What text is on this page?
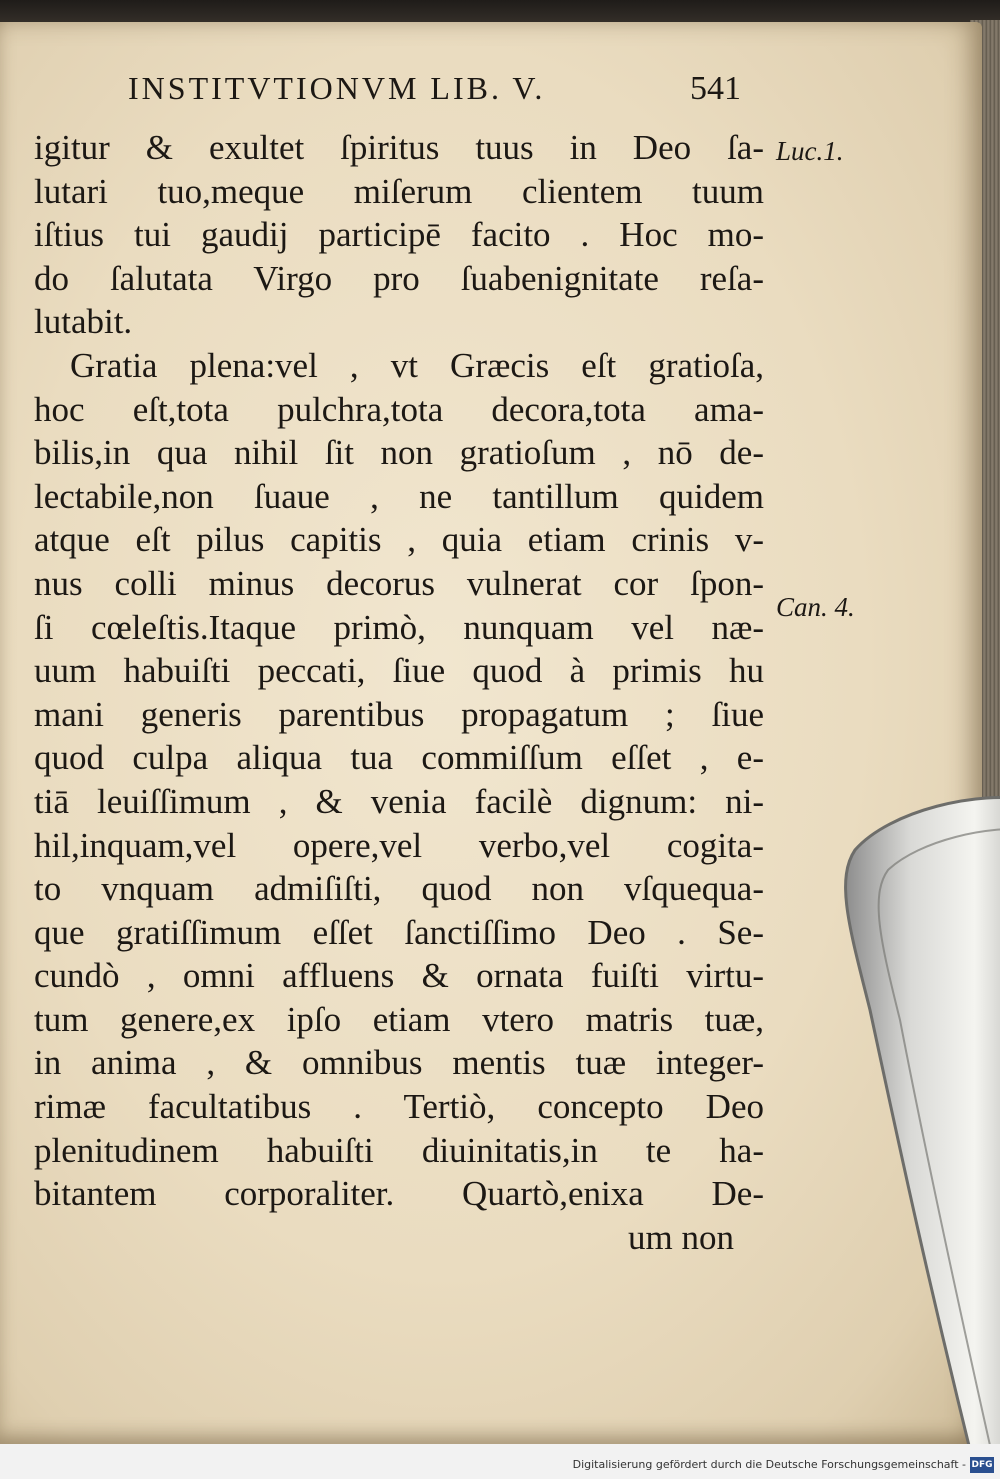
INSTITVTIONVM LIB. V.	541
igitur & exultet ſpiritus tuus in Deo ſa-
lutari tuo,meque miſerum clientem tuum
iſtius tui gaudij participē facito . Hoc mo-
do ſalutata Virgo pro ſuabenignitate reſa-
lutabit.
Gratia plena:vel , vt Græcis eſt gratioſa,
hoc eſt,tota pulchra,tota decora,tota ama-
bilis,in qua nihil ſit non gratioſum , nō de-
lectabile,non ſuaue , ne tantillum quidem
atque eſt pilus capitis , quia etiam crinis v-
nus colli minus decorus vulnerat cor ſpon-
ſi cœleſtis.Itaque primò, nunquam vel næ-
uum habuiſti peccati, ſiue quod à primis hu
mani generis parentibus propagatum ; ſiue
quod culpa aliqua tua commiſſum eſſet , e-
tiā leuiſſimum , & venia facilè dignum: ni-
hil,inquam,vel opere,vel verbo,vel cogita-
to vnquam admiſiſti, quod non vſquequa-
que gratiſſimum eſſet ſanctiſſimo Deo . Se-
cundò , omni affluens & ornata fuiſti virtu-
tum genere,ex ipſo etiam vtero matris tuæ,
in anima , & omnibus mentis tuæ integer-
rimæ facultatibus . Tertiò, concepto Deo
plenitudinem habuiſti diuinitatis,in te ha-
bitantem corporaliter. Quartò,enixa De-
um non
Luc.1.
Can. 4.
Digitalisierung gefördert durch die Deutsche Forschungsgemeinschaft - DFG
